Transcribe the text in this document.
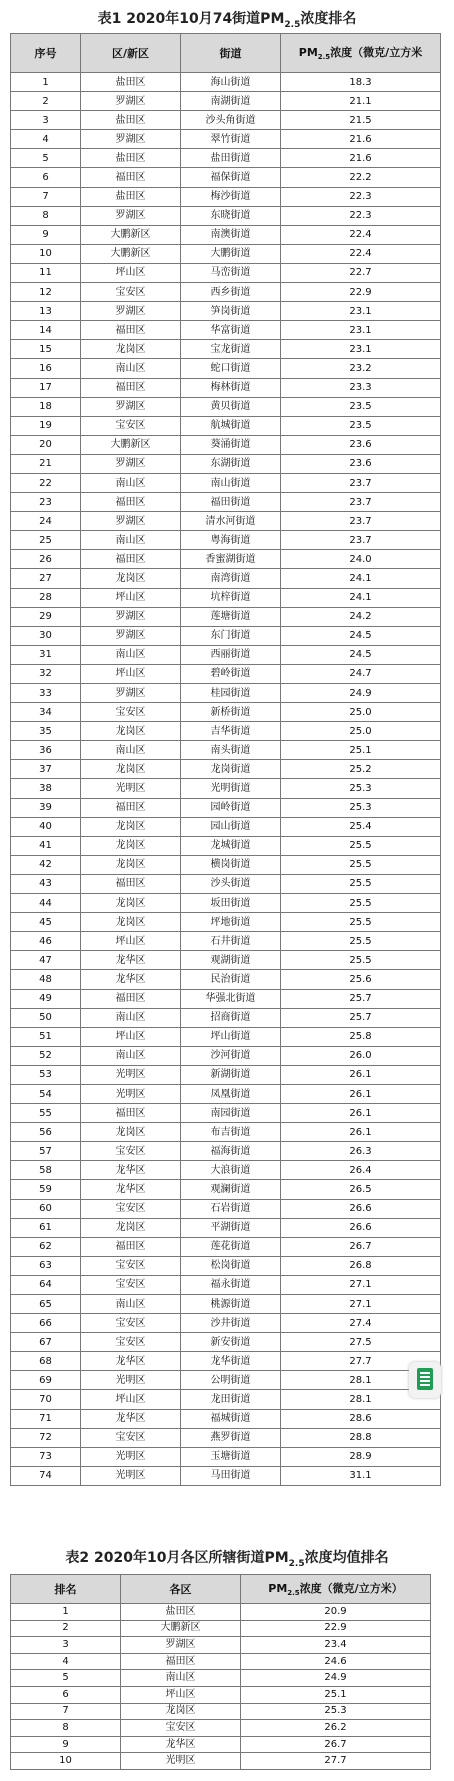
表1 2020年10月74街道$PM_{2.5}$浓度排名
序号	区/新区	街道	$PM_{2.5}$浓度（微克/立方米
1	盐田区	海山街道	18.3
2	罗湖区	南湖街道	21.1
3	盐田区	沙头角街道	21.5
4	罗湖区	翠竹街道	21.6
5	盐田区	盐田街道	21.6
6	福田区	福保街道	22.2
7	盐田区	梅沙街道	22.3
8	罗湖区	东晓街道	22.3
9	大鹏新区	南澳街道	22.4
10	大鹏新区	大鹏街道	22.4
11	坪山区	马峦街道	22.7
12	宝安区	西乡街道	22.9
13	罗湖区	笋岗街道	23.1
14	福田区	华富街道	23.1
15	龙岗区	宝龙街道	23.1
16	南山区	蛇口街道	23.2
17	福田区	梅林街道	23.3
18	罗湖区	黄贝街道	23.5
19	宝安区	航城街道	23.5
20	大鹏新区	葵涌街道	23.6
21	罗湖区	东湖街道	23.6
22	南山区	南山街道	23.7
23	福田区	福田街道	23.7
24	罗湖区	清水河街道	23.7
25	南山区	粤海街道	23.7
26	福田区	香蜜湖街道	24.0
27	龙岗区	南湾街道	24.1
28	坪山区	坑梓街道	24.1
29	罗湖区	莲塘街道	24.2
30	罗湖区	东门街道	24.5
31	南山区	西丽街道	24.5
32	坪山区	碧岭街道	24.7
33	罗湖区	桂园街道	24.9
34	宝安区	新桥街道	25.0
35	龙岗区	吉华街道	25.0
36	南山区	南头街道	25.1
37	龙岗区	龙岗街道	25.2
38	光明区	光明街道	25.3
39	福田区	园岭街道	25.3
40	龙岗区	园山街道	25.4
41	龙岗区	龙城街道	25.5
42	龙岗区	横岗街道	25.5
43	福田区	沙头街道	25.5
44	龙岗区	坂田街道	25.5
45	龙岗区	坪地街道	25.5
46	坪山区	石井街道	25.5
47	龙华区	观湖街道	25.5
48	龙华区	民治街道	25.6
49	福田区	华强北街道	25.7
50	南山区	招商街道	25.7
51	坪山区	坪山街道	25.8
52	南山区	沙河街道	26.0
53	光明区	新湖街道	26.1
54	光明区	凤凰街道	26.1
55	福田区	南园街道	26.1
56	龙岗区	布吉街道	26.1
57	宝安区	福海街道	26.3
58	龙华区	大浪街道	26.4
59	龙华区	观澜街道	26.5
60	宝安区	石岩街道	26.6
61	龙岗区	平湖街道	26.6
62	福田区	莲花街道	26.7
63	宝安区	松岗街道	26.8
64	宝安区	福永街道	27.1
65	南山区	桃源街道	27.1
66	宝安区	沙井街道	27.4
67	宝安区	新安街道	27.5
68	龙华区	龙华街道	27.7
69	光明区	公明街道	28.1
70	坪山区	龙田街道	28.1
71	龙华区	福城街道	28.6
72	宝安区	燕罗街道	28.8
73	光明区	玉塘街道	28.9
74	光明区	马田街道	31.1
表2 2020年10月各区所辖街道$PM_{2.5}$浓度均值排名
排名	各区	$PM_{2.5}$浓度（微克/立方米）
1	盐田区	20.9
2	大鹏新区	22.9
3	罗湖区	23.4
4	福田区	24.6
5	南山区	24.9
6	坪山区	25.1
7	龙岗区	25.3
8	宝安区	26.2
9	龙华区	26.7
10	光明区	27.7
